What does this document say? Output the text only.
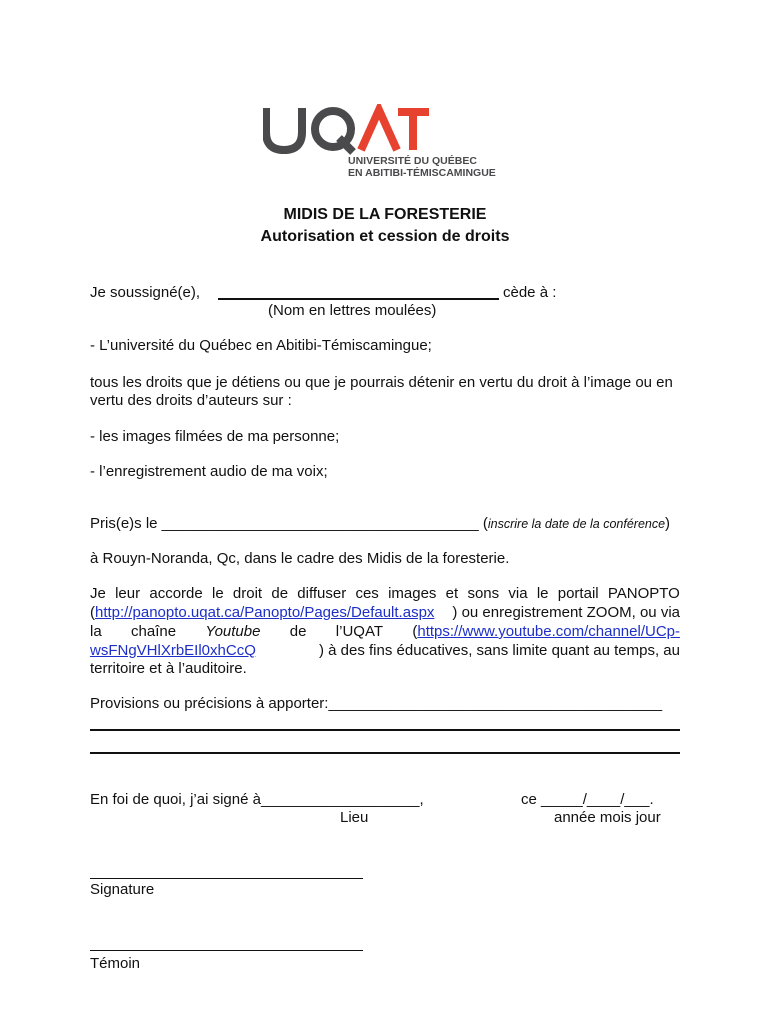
UNIVERSITÉ DU QUÉBEC
EN ABITIBI-TÉMISCAMINGUE
MIDIS DE LA FORESTERIE
Autorisation et cession de droits
Je soussigné(e),	cède à :
(Nom en lettres moulées)
- L’université du Québec en Abitibi-Témiscamingue;
tous les droits que je détiens ou que je pourrais détenir en vertu du droit à l’image ou en
vertu des droits d’auteurs sur :
- les images filmées de ma personne;
- l’enregistrement audio de ma voix;
Pris(e)s le ______________________________________ (inscrire la date de la conférence)
à Rouyn-Noranda, Qc, dans le cadre des Midis de la foresterie.
Je leur accorde le droit de diffuser ces images et sons via le portail PANOPTO
(http://panopto.uqat.ca/Panopto/Pages/Default.aspx ) ou enregistrement ZOOM, ou via
la chaîne Youtube de l’UQAT (https://www.youtube.com/channel/UCp-
wsFNgVHlXrbEIl0xhCcQ	) à des fins éducatives, sans limite quant au temps, au
territoire et à l’auditoire.
Provisions ou précisions à apporter:________________________________________
En foi de quoi, j’ai signé à___________________,
Lieu
ce _____/____/___.
année mois jour
Signature
Témoin
